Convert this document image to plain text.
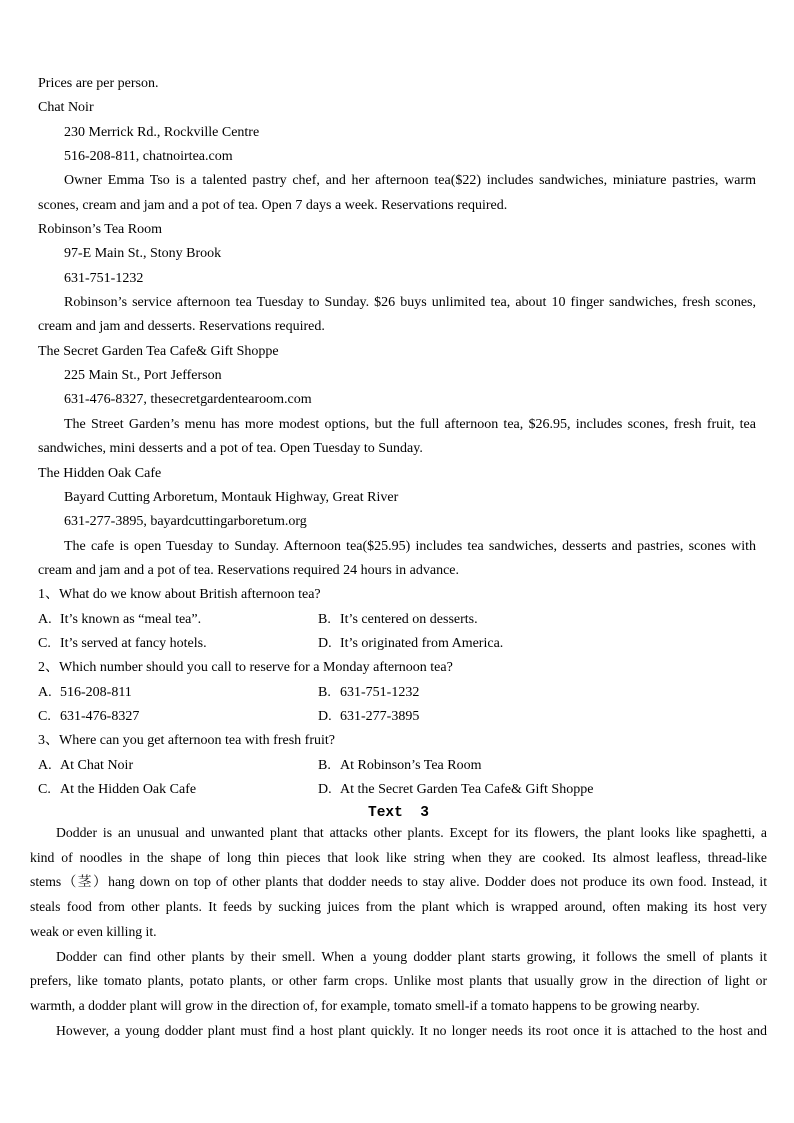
Prices are per person.
Chat Noir
230 Merrick Rd., Rockville Centre
516-208-811, chatnoirtea.com
Owner Emma Tso is a talented pastry chef, and her afternoon tea($22) includes sandwiches, miniature pastries, warm
scones, cream and jam and a pot of tea. Open 7 days a week. Reservations required.
Robinson’s Tea Room
97-E Main St., Stony Brook
631-751-1232
Robinson’s service afternoon tea Tuesday to Sunday. $26 buys unlimited tea, about 10 finger sandwiches, fresh scones,
cream and jam and desserts. Reservations required.
The Secret Garden Tea Cafe& Gift Shoppe
225 Main St., Port Jefferson
631-476-8327, thesecretgardentearoom.com
The Street Garden’s menu has more modest options, but the full afternoon tea, $26.95, includes scones, fresh fruit, tea
sandwiches, mini desserts and a pot of tea. Open Tuesday to Sunday.
The Hidden Oak Cafe
Bayard Cutting Arboretum, Montauk Highway, Great River
631-277-3895, bayardcuttingarboretum.org
The cafe is open Tuesday to Sunday. Afternoon tea($25.95) includes tea sandwiches, desserts and pastries, scones with
cream and jam and a pot of tea. Reservations required 24 hours in advance.
1、What do we know about British afternoon tea?
A. It’s known as “meal tea”.	B. It’s centered on desserts.
C. It’s served at fancy hotels.	D. It’s originated from America.
2、Which number should you call to reserve for a Monday afternoon tea?
A. 516-208-811	B. 631-751-1232
C. 631-476-8327	D. 631-277-3895
3、Where can you get afternoon tea with fresh fruit?
A. At Chat Noir	B. At Robinson’s Tea Room
C. At the Hidden Oak Cafe	D. At the Secret Garden Tea Cafe& Gift Shoppe
Text  3
Dodder is an unusual and unwanted plant that attacks other plants. Except for its flowers, the plant looks like spaghetti, a
kind of noodles in the shape of long thin pieces that look like string when they are cooked. Its almost leafless, thread-like
stems（茎）hang down on top of other plants that dodder needs to stay alive. Dodder does not produce its own food. Instead, it
steals food from other plants. It feeds by sucking juices from the plant which is wrapped around, often making its host very
weak or even killing it.
Dodder can find other plants by their smell. When a young dodder plant starts growing, it follows the smell of plants it
prefers, like tomato plants, potato plants, or other farm crops. Unlike most plants that usually grow in the direction of light or
warmth, a dodder plant will grow in the direction of, for example, tomato smell-if a tomato happens to be growing nearby.
However, a young dodder plant must find a host plant quickly. It no longer needs its root once it is attached to the host and
